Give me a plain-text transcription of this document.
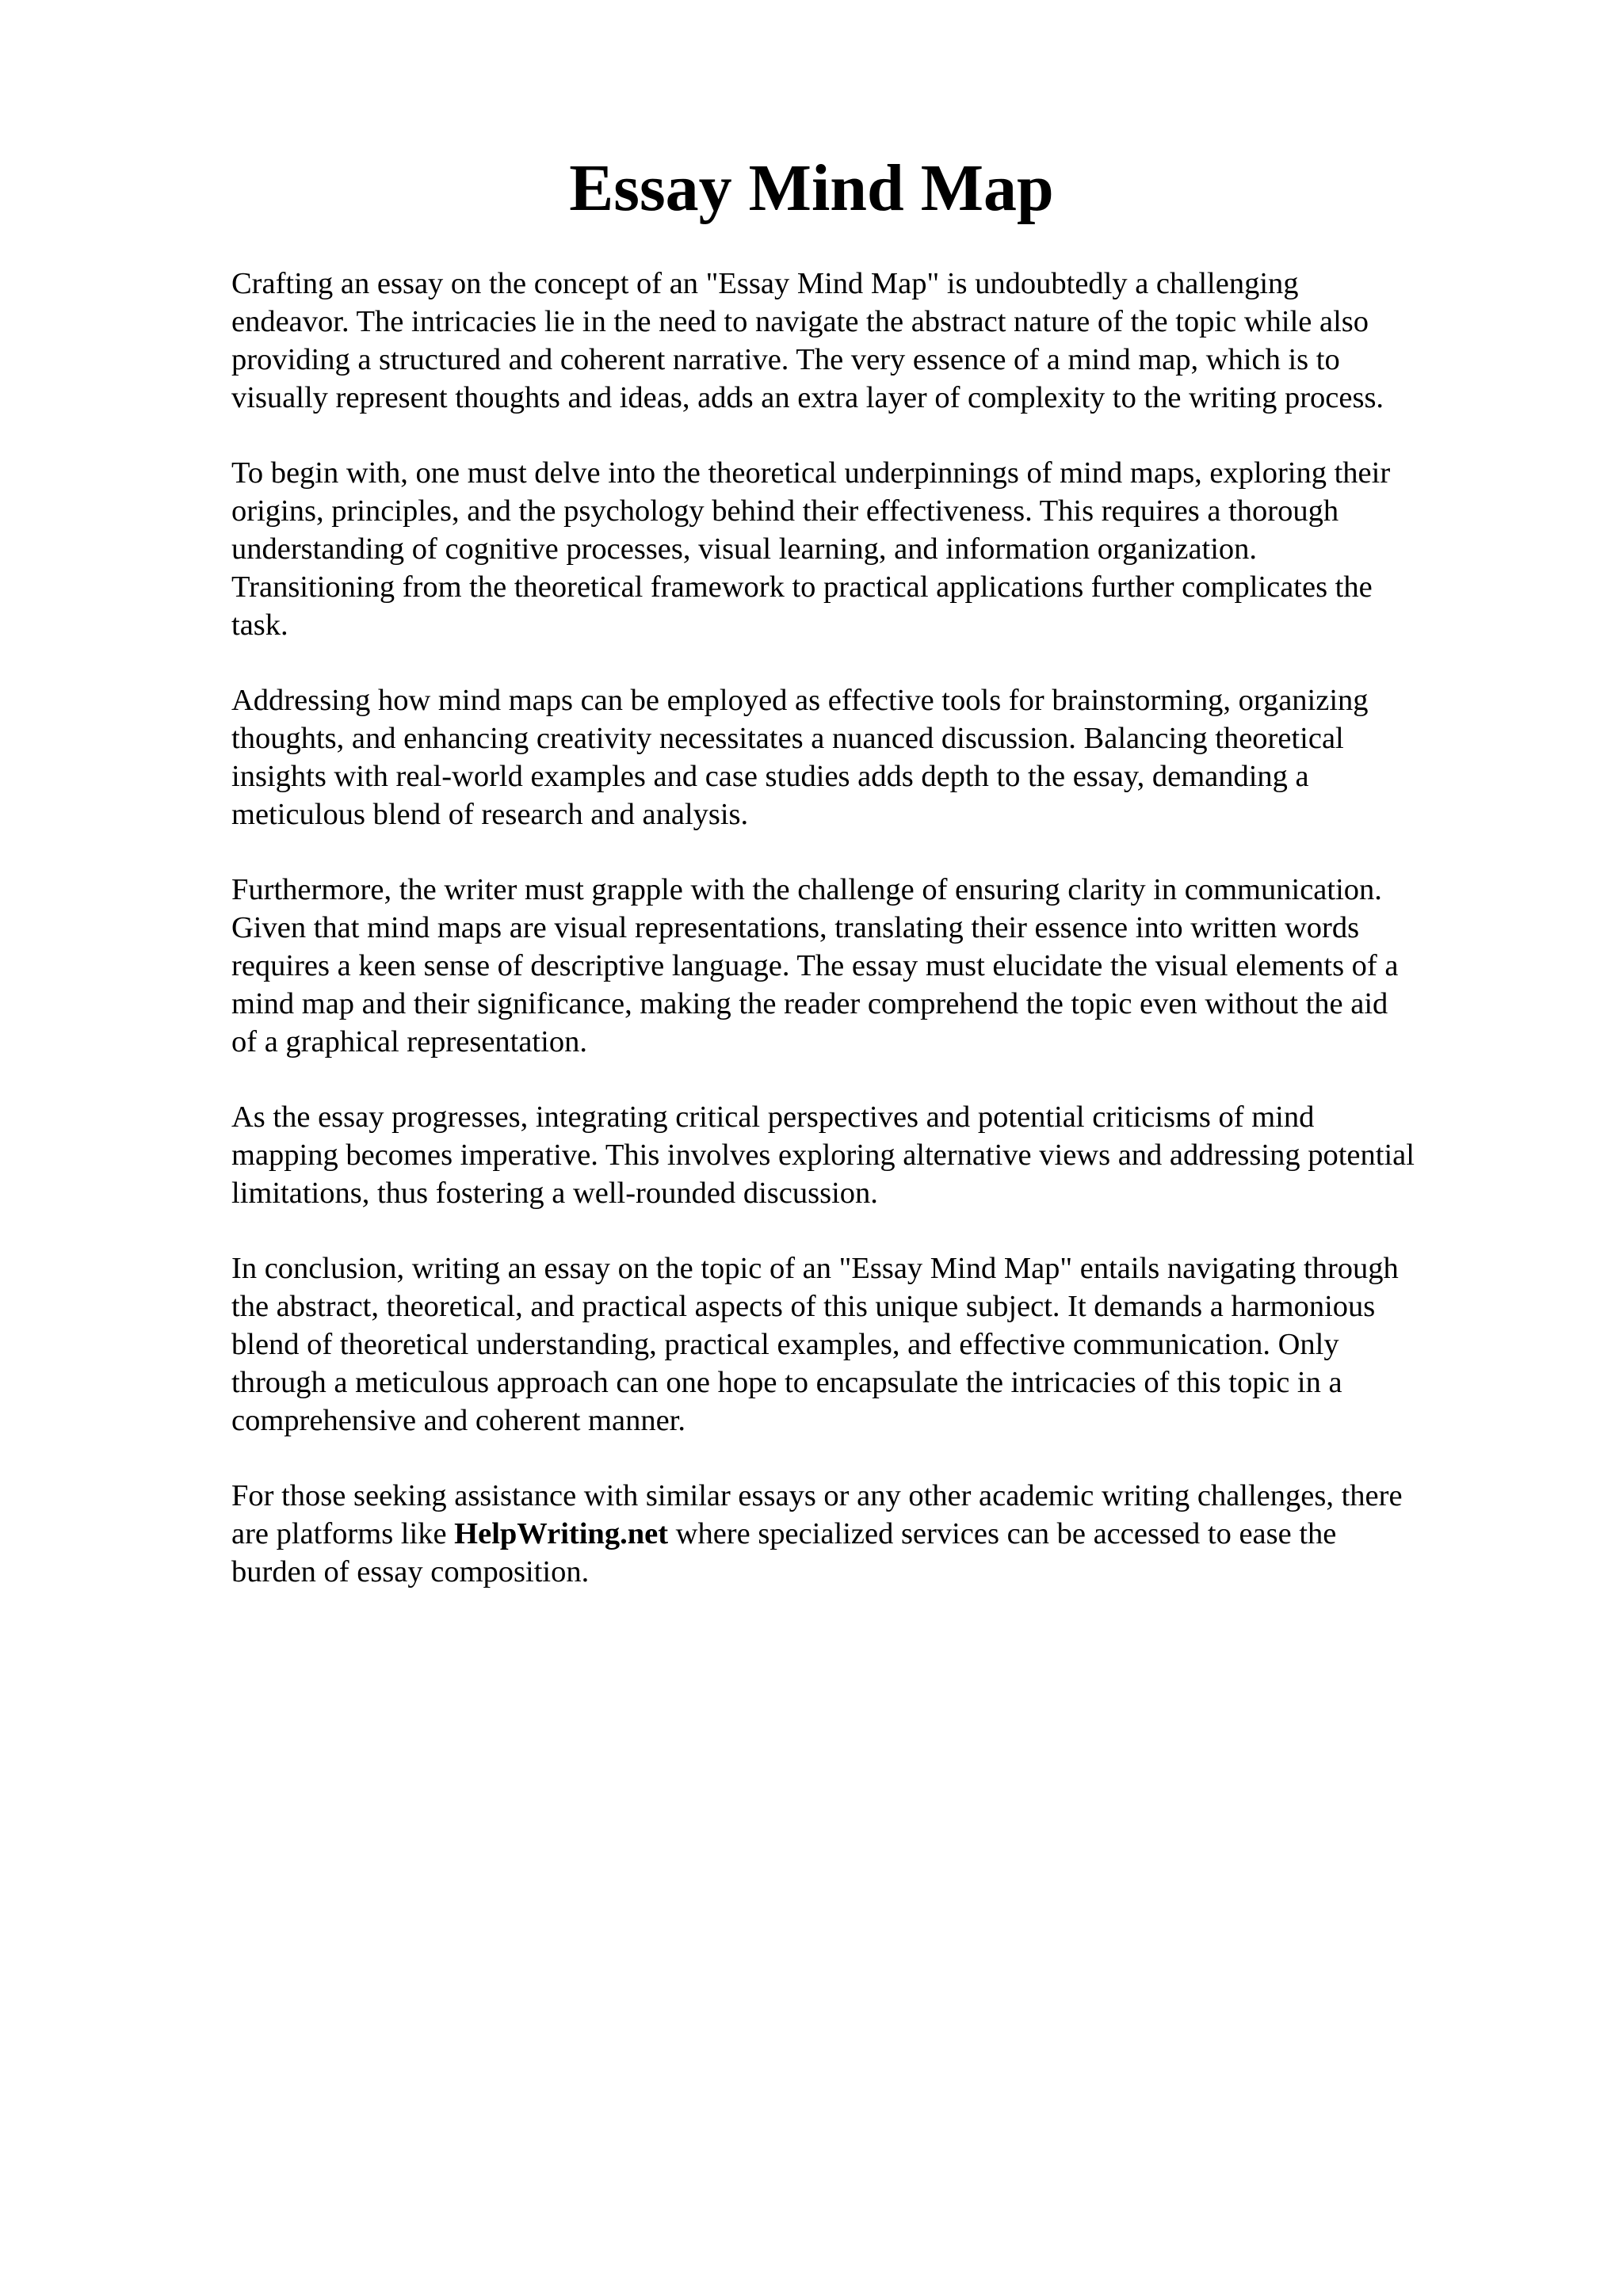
Essay Mind Map

Crafting an essay on the concept of an "Essay Mind Map" is undoubtedly a challenging
endeavor. The intricacies lie in the need to navigate the abstract nature of the topic while also
providing a structured and coherent narrative. The very essence of a mind map, which is to
visually represent thoughts and ideas, adds an extra layer of complexity to the writing process.

To begin with, one must delve into the theoretical underpinnings of mind maps, exploring their
origins, principles, and the psychology behind their effectiveness. This requires a thorough
understanding of cognitive processes, visual learning, and information organization.
Transitioning from the theoretical framework to practical applications further complicates the
task.

Addressing how mind maps can be employed as effective tools for brainstorming, organizing
thoughts, and enhancing creativity necessitates a nuanced discussion. Balancing theoretical
insights with real-world examples and case studies adds depth to the essay, demanding a
meticulous blend of research and analysis.

Furthermore, the writer must grapple with the challenge of ensuring clarity in communication.
Given that mind maps are visual representations, translating their essence into written words
requires a keen sense of descriptive language. The essay must elucidate the visual elements of a
mind map and their significance, making the reader comprehend the topic even without the aid
of a graphical representation.

As the essay progresses, integrating critical perspectives and potential criticisms of mind
mapping becomes imperative. This involves exploring alternative views and addressing potential
limitations, thus fostering a well-rounded discussion.

In conclusion, writing an essay on the topic of an "Essay Mind Map" entails navigating through
the abstract, theoretical, and practical aspects of this unique subject. It demands a harmonious
blend of theoretical understanding, practical examples, and effective communication. Only
through a meticulous approach can one hope to encapsulate the intricacies of this topic in a
comprehensive and coherent manner.

For those seeking assistance with similar essays or any other academic writing challenges, there
are platforms like HelpWriting.net where specialized services can be accessed to ease the
burden of essay composition.
